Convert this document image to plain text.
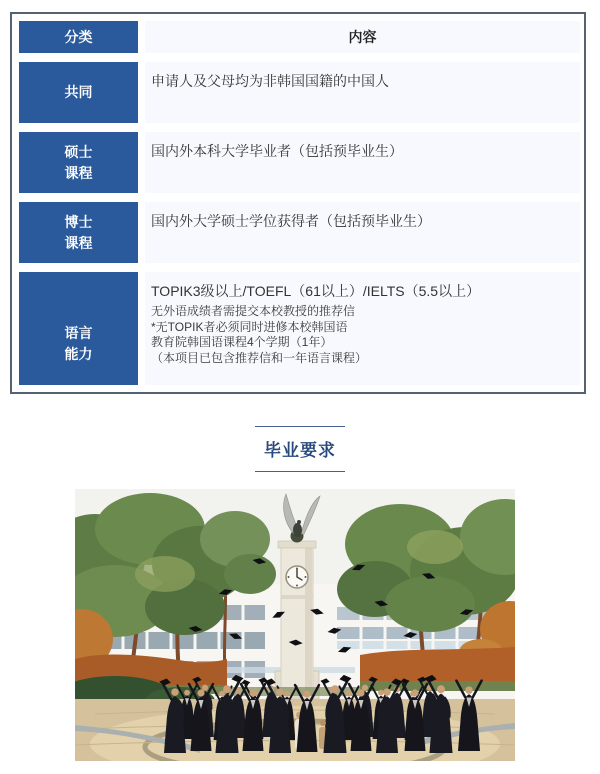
分类	内容
共同
申请人及父母均为非韩国国籍的中国人
硕士
课程
国内外本科大学毕业者（包括预毕业生）
博士
课程
国内外大学硕士学位获得者（包括预毕业生）
语言
能力
TOPIK3级以上/TOEFL（61以上）/IELTS（5.5以上）
无外语成绩者需提交本校教授的推荐信
*无TOPIK者必须同时进修本校韩国语
教育院韩国语课程4个学期（1年）
（本项目已包含推荐信和一年语言课程）
毕业要求
